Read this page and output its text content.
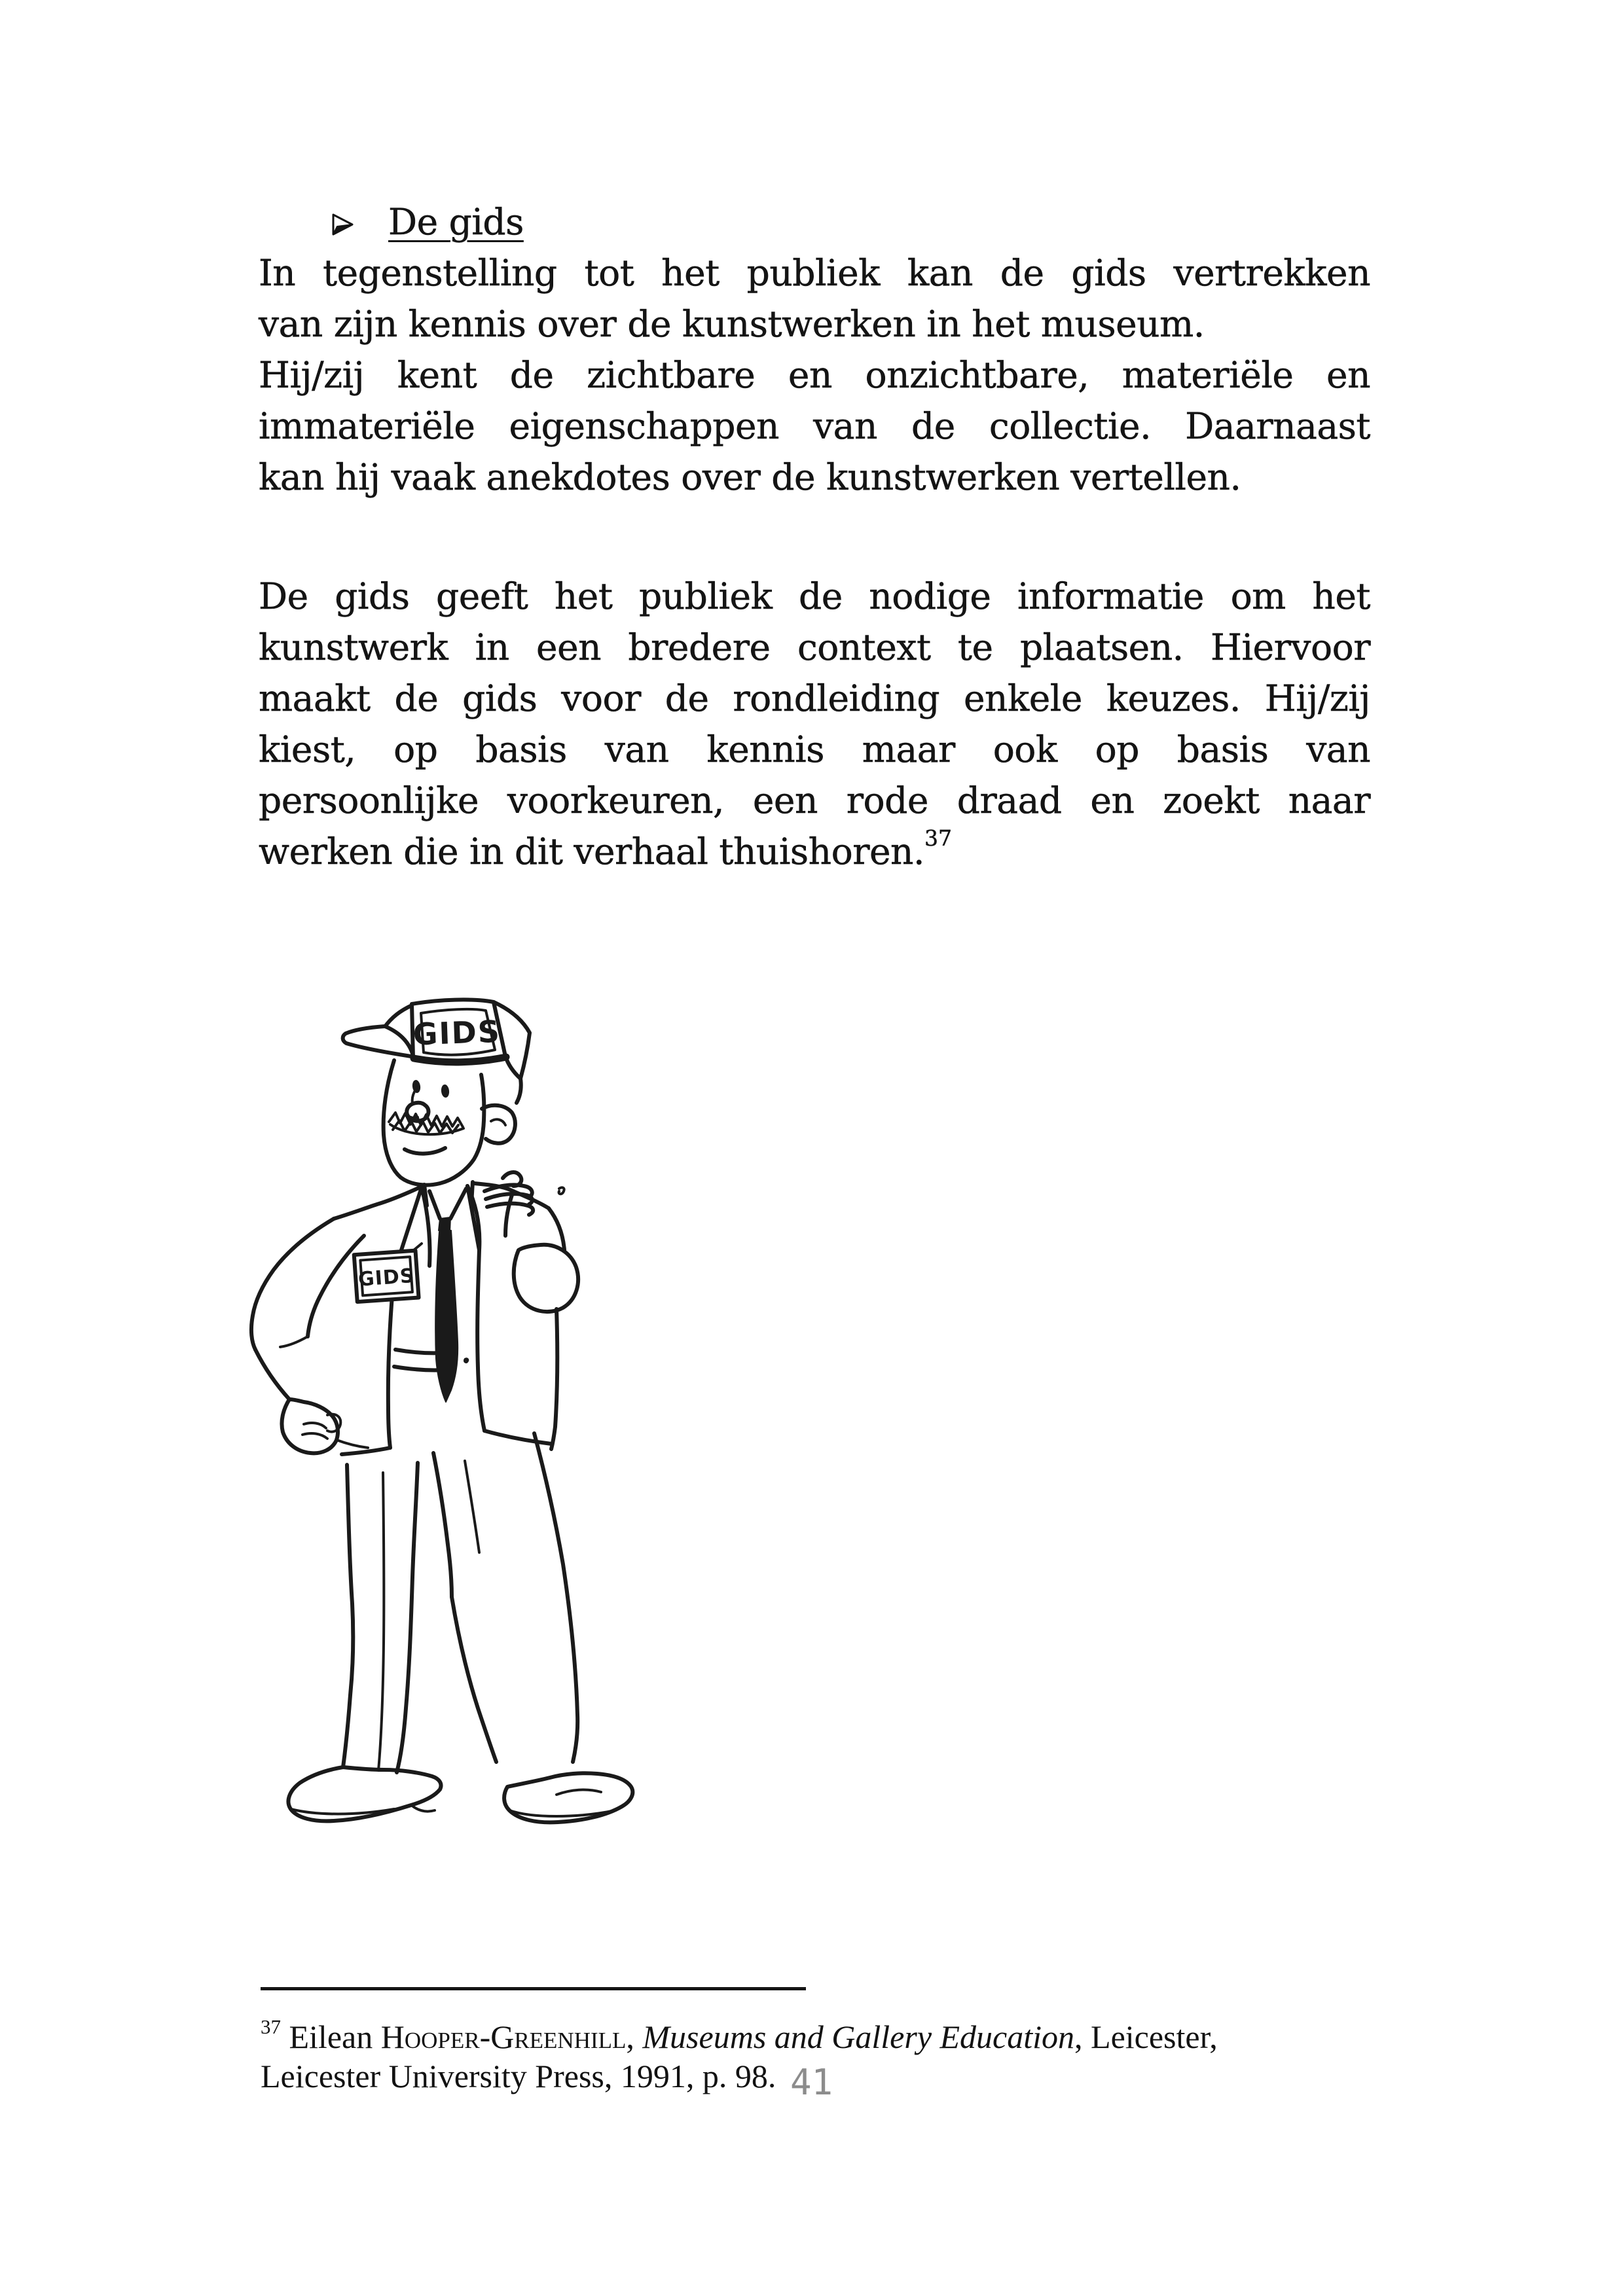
De gids
In tegenstelling tot het publiek kan de gids vertrekken
van zijn kennis over de kunstwerken in het museum.
Hij/zij kent de zichtbare en onzichtbare, materiële en
immateriële eigenschappen van de collectie. Daarnaast
kan hij vaak anekdotes over de kunstwerken vertellen.
De gids geeft het publiek de nodige informatie om het
kunstwerk in een bredere context te plaatsen. Hiervoor
maakt de gids voor de rondleiding enkele keuzes. Hij/zij
kiest, op basis van kennis maar ook op basis van
persoonlijke voorkeuren, een rode draad en zoekt naar
werken die in dit verhaal thuishoren.$^{37}$
GIDS
GIDS
$^{37}$ Eilean Hooper-Greenhill, Museums and Gallery Education, Leicester,
Leicester University Press, 1991, p. 98. 41
